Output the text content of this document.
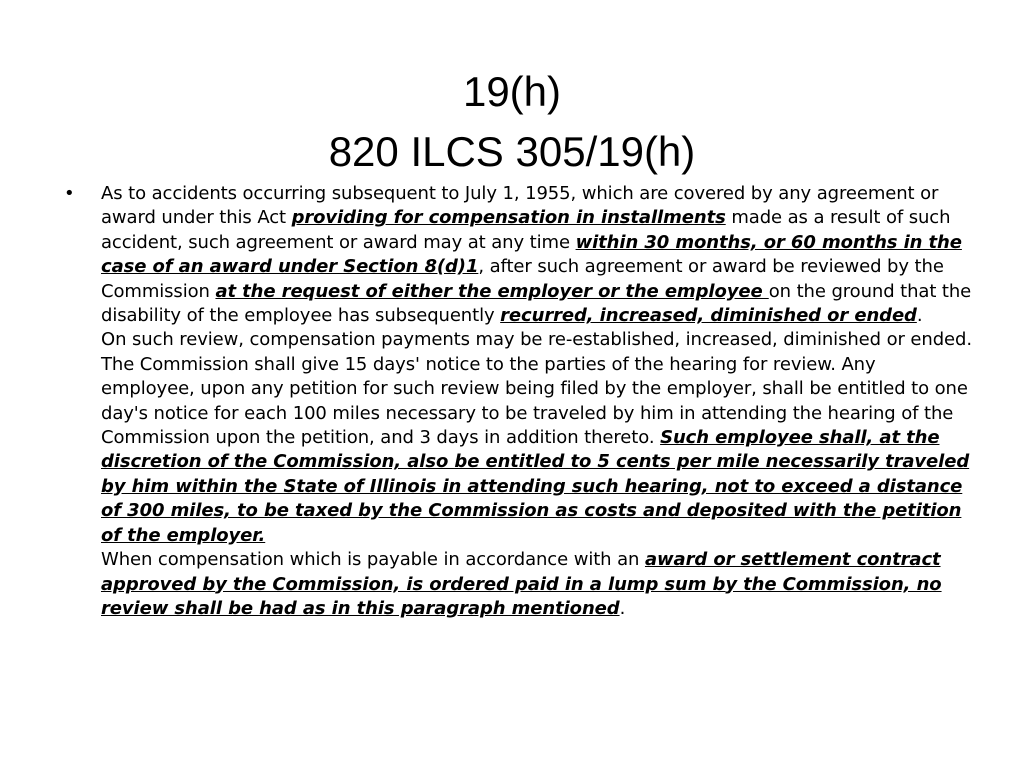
19(h)
820 ILCS 305/19(h)
• As to accidents occurring subsequent to July 1, 1955, which are covered by any agreement or award under this Act providing for compensation in installments made as a result of such accident, such agreement or award may at any time within 30 months, or 60 months in the case of an award under Section 8(d)1, after such agreement or award be reviewed by the Commission at the request of either the employer or the employee on the ground that the disability of the employee has subsequently recurred, increased, diminished or ended.
On such review, compensation payments may be re-established, increased, diminished or ended. The Commission shall give 15 days' notice to the parties of the hearing for review. Any employee, upon any petition for such review being filed by the employer, shall be entitled to one day's notice for each 100 miles necessary to be traveled by him in attending the hearing of the Commission upon the petition, and 3 days in addition thereto. Such employee shall, at the discretion of the Commission, also be entitled to 5 cents per mile necessarily traveled by him within the State of Illinois in attending such hearing, not to exceed a distance of 300 miles, to be taxed by the Commission as costs and deposited with the petition of the employer.
When compensation which is payable in accordance with an award or settlement contract approved by the Commission, is ordered paid in a lump sum by the Commission, no review shall be had as in this paragraph mentioned.
